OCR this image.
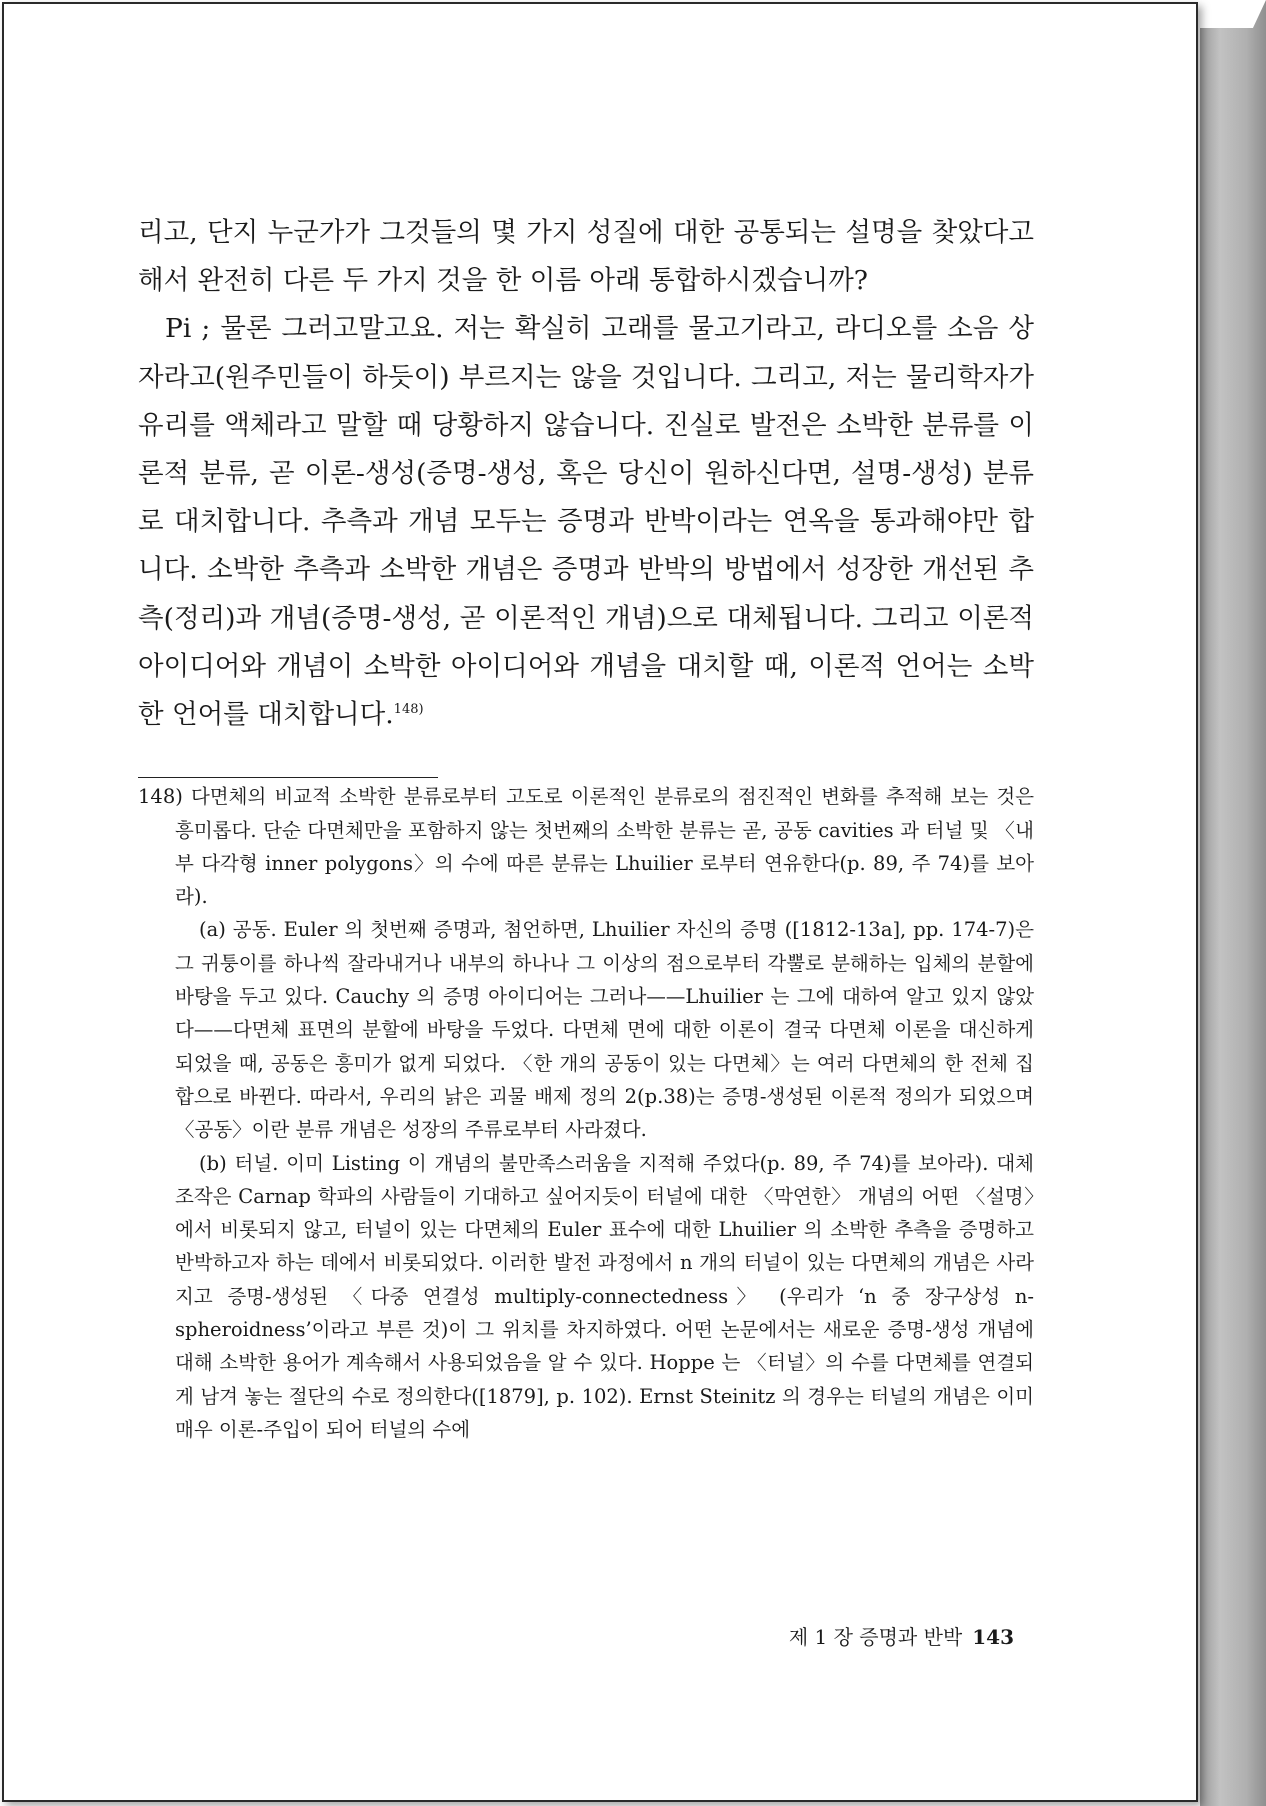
리고, 단지 누군가가 그것들의 몇 가지 성질에 대한 공통되는 설명을 찾았다고 해서 완전히 다른 두 가지 것을 한 이름 아래 통합하시겠습니까?

Pi ; 물론 그러고말고요. 저는 확실히 고래를 물고기라고, 라디오를 소음 상자라고(원주민들이 하듯이) 부르지는 않을 것입니다. 그리고, 저는 물리학자가 유리를 액체라고 말할 때 당황하지 않습니다. 진실로 발전은 소박한 분류를 이론적 분류, 곧 이론-생성(증명-생성, 혹은 당신이 원하신다면, 설명-생성) 분류로 대치합니다. 추측과 개념 모두는 증명과 반박이라는 연옥을 통과해야만 합니다. 소박한 추측과 소박한 개념은 증명과 반박의 방법에서 성장한 개선된 추측(정리)과 개념(증명-생성, 곧 이론적인 개념)으로 대체됩니다. 그리고 이론적 아이디어와 개념이 소박한 아이디어와 개념을 대치할 때, 이론적 언어는 소박한 언어를 대치합니다.$^{148)}$

148) 다면체의 비교적 소박한 분류로부터 고도로 이론적인 분류로의 점진적인 변화를 추적해 보는 것은 흥미롭다. 단순 다면체만을 포함하지 않는 첫번째의 소박한 분류는 곧, 공동 cavities 과 터널 및 〈내부 다각형 inner polygons〉의 수에 따른 분류는 Lhuilier 로부터 연유한다(p. 89, 주 74)를 보아라).

(a) 공동. Euler 의 첫번째 증명과, 첨언하면, Lhuilier 자신의 증명 ([1812-13a], pp. 174-7)은 그 귀퉁이를 하나씩 잘라내거나 내부의 하나나 그 이상의 점으로부터 각뿔로 분해하는 입체의 분할에 바탕을 두고 있다. Cauchy 의 증명 아이디어는 그러나——Lhuilier 는 그에 대하여 알고 있지 않았다——다면체 표면의 분할에 바탕을 두었다. 다면체 면에 대한 이론이 결국 다면체 이론을 대신하게 되었을 때, 공동은 흥미가 없게 되었다. 〈한 개의 공동이 있는 다면체〉는 여러 다면체의 한 전체 집합으로 바뀐다. 따라서, 우리의 낡은 괴물 배제 정의 2(p.38)는 증명-생성된 이론적 정의가 되었으며 〈공동〉이란 분류 개념은 성장의 주류로부터 사라졌다.

(b) 터널. 이미 Listing 이 개념의 불만족스러움을 지적해 주었다(p. 89, 주 74)를 보아라). 대체 조작은 Carnap 학파의 사람들이 기대하고 싶어지듯이 터널에 대한 〈막연한〉 개념의 어떤 〈설명〉에서 비롯되지 않고, 터널이 있는 다면체의 Euler 표수에 대한 Lhuilier 의 소박한 추측을 증명하고 반박하고자 하는 데에서 비롯되었다. 이러한 발전 과정에서 n 개의 터널이 있는 다면체의 개념은 사라지고 증명-생성된 〈다중 연결성 multiply-connectedness〉 (우리가 ‘n 중 장구상성 n-spheroidness’이라고 부른 것)이 그 위치를 차지하였다. 어떤 논문에서는 새로운 증명-생성 개념에 대해 소박한 용어가 계속해서 사용되었음을 알 수 있다. Hoppe 는 〈터널〉의 수를 다면체를 연결되게 남겨 놓는 절단의 수로 정의한다([1879], p. 102). Ernst Steinitz 의 경우는 터널의 개념은 이미 매우 이론-주입이 되어 터널의 수에

제 1 장 증명과 반박 143
